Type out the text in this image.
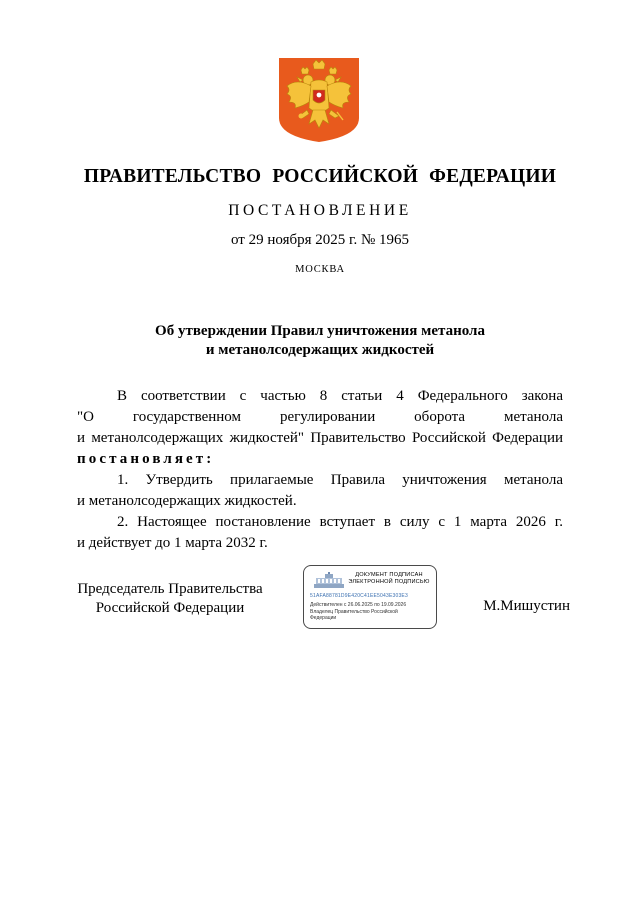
ПРАВИТЕЛЬСТВО РОССИЙСКОЙ ФЕДЕРАЦИИ
ПОСТАНОВЛЕНИЕ
от 29 ноября 2025 г. № 1965
МОСКВА
Об утверждении Правил уничтожения метанола
и метанолсодержащих жидкостей

В соответствии с частью 8 статьи 4 Федерального закона

"О государственном регулировании оборота метанола

и метанолсодержащих жидкостей" Правительство Российской Федерации

постановляет:

1. Утвердить прилагаемые Правила уничтожения метанола

и метанолсодержащих жидкостей.

2. Настоящее постановление вступает в силу с 1 марта 2026 г.

и действует до 1 марта 2032 г.

Председатель Правительства
Российской Федерации
ДОКУМЕНТ ПОДПИСАН
ЭЛЕКТРОННОЙ ПОДПИСЬЮ
51AFA88781D9E420C41EE5043E303E3
Действителен с 26.06.2025 по 19.09.2026
Владелец Правительство Российской
Федерации
М.Мишустин
